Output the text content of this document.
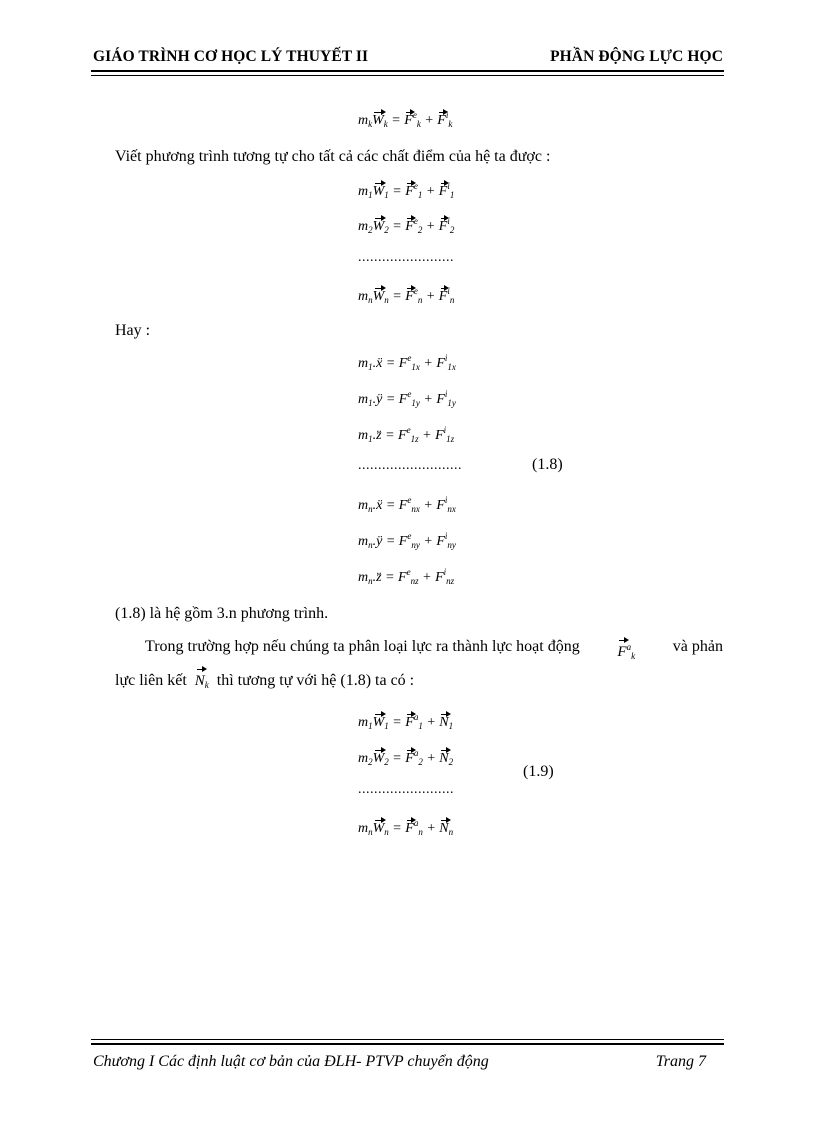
GIÁO TRÌNH CƠ HỌC LÝ THUYẾT II	PHẦN ĐỘNG LỰC HỌC
$m_kW_k = F^e_k + F^i_k$
Viết phương trình tương tự cho tất cả các chất điểm của hệ ta được :
$m_1W_1 = F^e_1 + F^i_1$
$m_2W_2 = F^e_2 + F^i_2$
........................
$m_nW_n = F^e_n + F^i_n$
Hay :
$m_1.ẍ = F^e_{1x} + F^i_{1x}$
$m_1.ÿ = F^e_{1y} + F^i_{1y}$
$m_1.z̈ = F^e_{1z} + F^i_{1z}$
..........................	(1.8)
$m_n.ẍ = F^e_{nx} + F^i_{nx}$
$m_n.ÿ = F^e_{ny} + F^i_{ny}$
$m_n.z̈ = F^e_{nz} + F^i_{nz}$
(1.8) là hệ gồm 3.n phương trình.
Trong trường hợp nếu chúng ta phân loại lực ra thành lực hoạt động	$F^a_k$
và phản
lực liên kết $N_k$ thì tương tự với hệ (1.8) ta có :
$m_1W_1 = F^a_1 + N_1$
$m_2W_2 = F^a_2 + N_2$
(1.9)
........................
$m_nW_n = F^a_n + N_n$
Chương I Các định luật cơ bản của ĐLH- PTVP chuyển động	Trang 7
